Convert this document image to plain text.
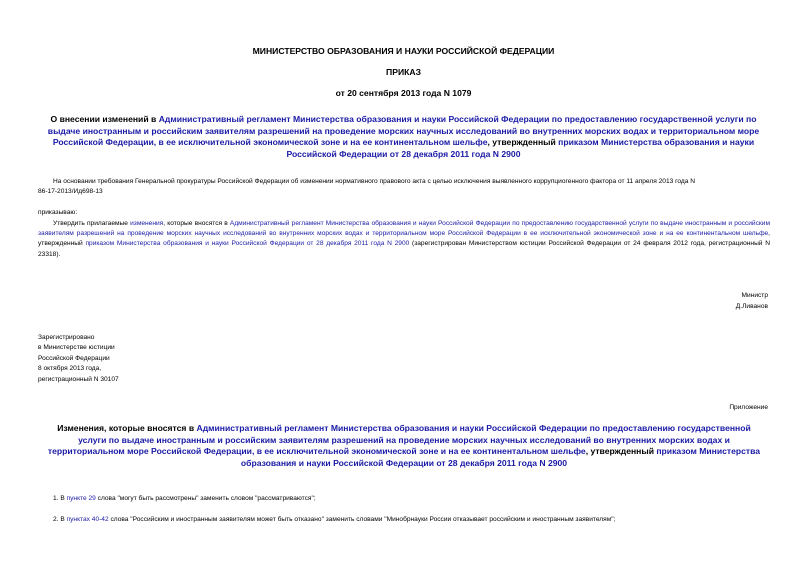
МИНИСТЕРСТВО ОБРАЗОВАНИЯ И НАУКИ РОССИЙСКОЙ ФЕДЕРАЦИИ
ПРИКАЗ
от 20 сентября 2013 года N 1079
О внесении изменений в Административный регламент Министерства образования и науки Российской Федерации по предоставлению государственной услуги по выдаче иностранным и российским заявителям разрешений на проведение морских научных исследований во внутренних морских водах и территориальном море Российской Федерации, в ее исключительной экономической зоне и на ее континентальном шельфе, утвержденный приказом Министерства образования и науки Российской Федерации от 28 декабря 2011 года N 2900
На основании требования Генеральной прокуратуры Российской Федерации об изменении нормативного правового акта с целью исключения выявленного коррупциогенного фактора от 11 апреля 2013 года N
86-17-2013/Ид698-13
приказываю:
Утвердить прилагаемые изменения, которые вносятся в Административный регламент Министерства образования и науки Российской Федерации по предоставлению государственной услуги по выдаче иностранным и российским заявителям разрешений на проведение морских научных исследований во внутренних морских водах и территориальном море Российской Федерации в ее исключительной экономической зоне и на ее континентальном шельфе, утвержденный приказом Министерства образования и науки Российской Федерации от 28 декабря 2011 года N 2900 (зарегистрирован Министерством юстиции Российской Федерации от 24 февраля 2012 года, регистрационный N 23318).
Министр
Д.Ливанов
Зарегистрировано
в Министерстве юстиции
Российской Федерации
8 октября 2013 года,
регистрационный N 30107
Приложение
Изменения, которые вносятся в Административный регламент Министерства образования и науки Российской Федерации по предоставлению государственной услуги по выдаче иностранным и российским заявителям разрешений на проведение морских научных исследований во внутренних морских водах и территориальном море Российской Федерации, в ее исключительной экономической зоне и на ее континентальном шельфе, утвержденный приказом Министерства образования и науки Российской Федерации от 28 декабря 2011 года N 2900
1. В пункте 29 слова "могут быть рассмотрены" заменить словом "рассматриваются";
2. В пунктах 40-42 слова "Российским и иностранным заявителям может быть отказано" заменить словами "Минобрнауки России отказывает российским и иностранным заявителям";
